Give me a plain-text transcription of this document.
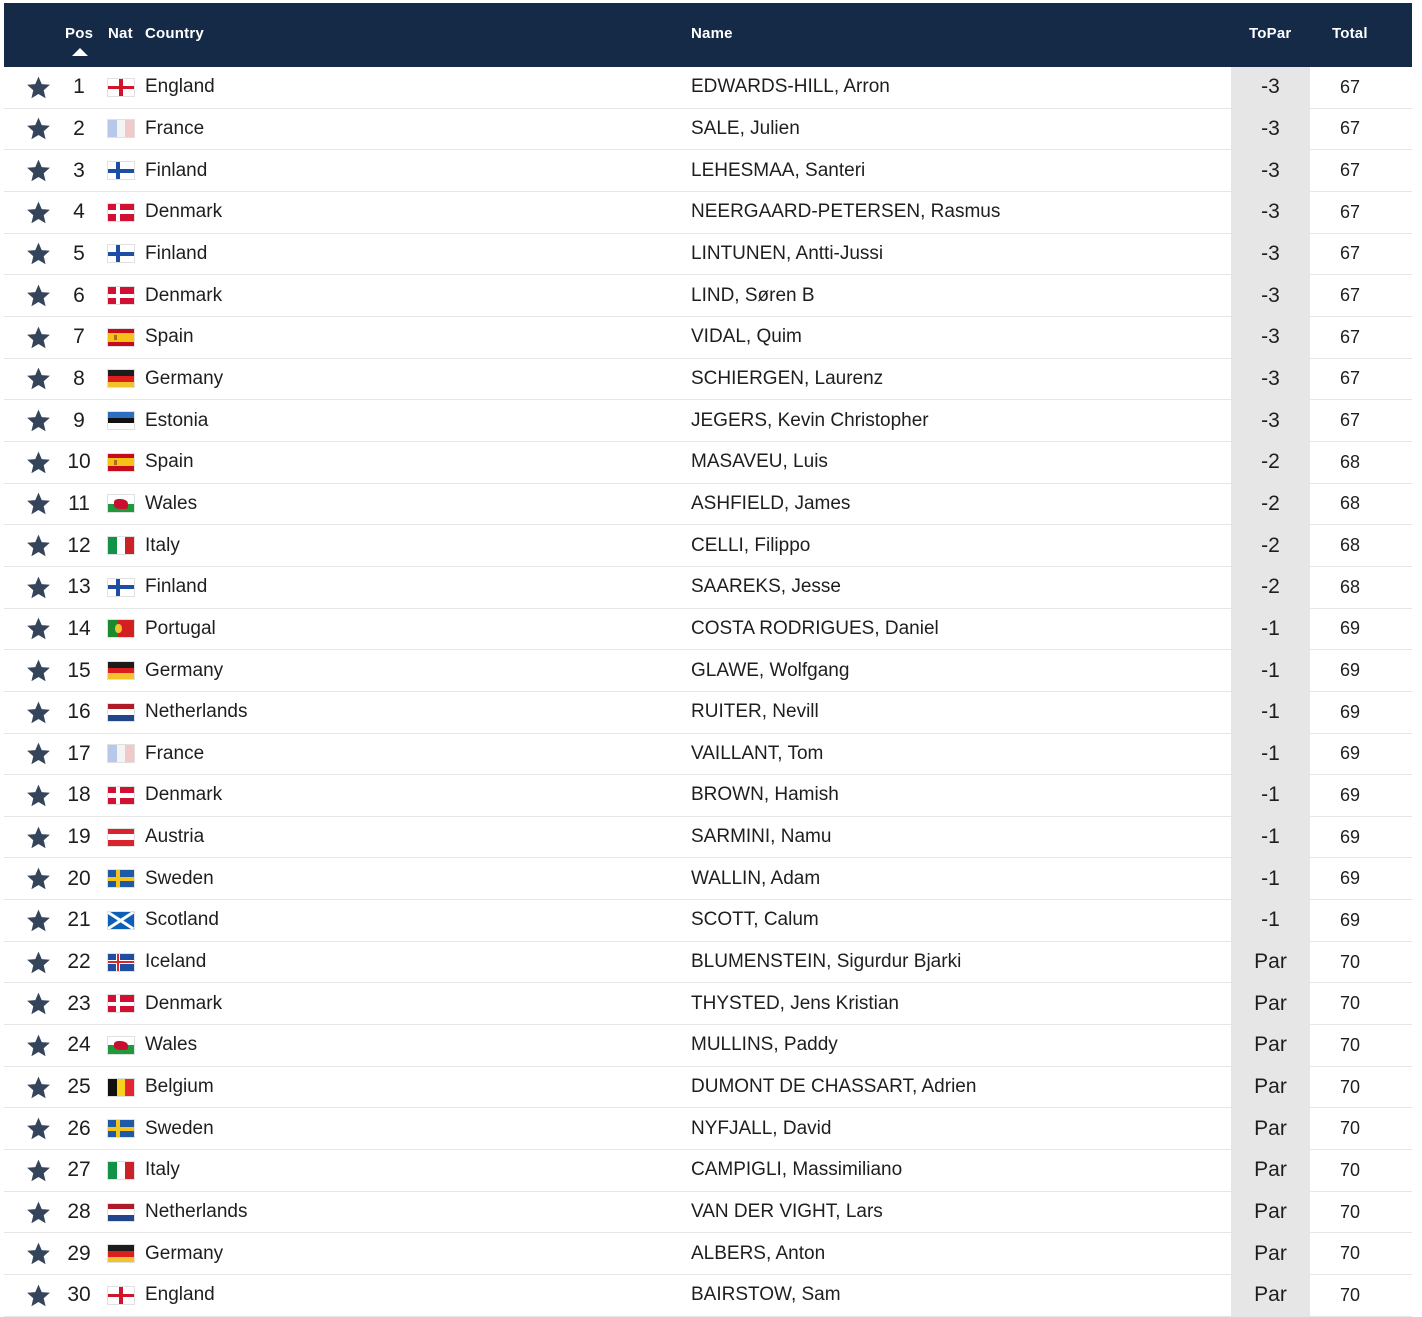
Pos Nat Country	Name	ToPar	Total
1	England	EDWARDS-HILL, Arron	-3	67
2	France	SALE, Julien	-3	67
3	Finland	LEHESMAA, Santeri	-3	67
4	Denmark	NEERGAARD-PETERSEN, Rasmus	-3	67
5	Finland	LINTUNEN, Antti-Jussi	-3	67
6	Denmark	LIND, Søren B	-3	67
7	Spain	VIDAL, Quim	-3	67
8	Germany	SCHIERGEN, Laurenz	-3	67
9	Estonia	JEGERS, Kevin Christopher	-3	67
10	Spain	MASAVEU, Luis	-2	68
11	Wales	ASHFIELD, James	-2	68
12	Italy	CELLI, Filippo	-2	68
13	Finland	SAAREKS, Jesse	-2	68
14	Portugal	COSTA RODRIGUES, Daniel	-1	69
15	Germany	GLAWE, Wolfgang	-1	69
16	Netherlands	RUITER, Nevill	-1	69
17	France	VAILLANT, Tom	-1	69
18	Denmark	BROWN, Hamish	-1	69
19	Austria	SARMINI, Namu	-1	69
20	Sweden	WALLIN, Adam	-1	69
21	Scotland	SCOTT, Calum	-1	69
22	Iceland	BLUMENSTEIN, Sigurdur Bjarki	Par	70
23	Denmark	THYSTED, Jens Kristian	Par	70
24	Wales	MULLINS, Paddy	Par	70
25	Belgium	DUMONT DE CHASSART, Adrien	Par	70
26	Sweden	NYFJALL, David	Par	70
27	Italy	CAMPIGLI, Massimiliano	Par	70
28	Netherlands	VAN DER VIGHT, Lars	Par	70
29	Germany	ALBERS, Anton	Par	70
30	England	BAIRSTOW, Sam	Par	70
